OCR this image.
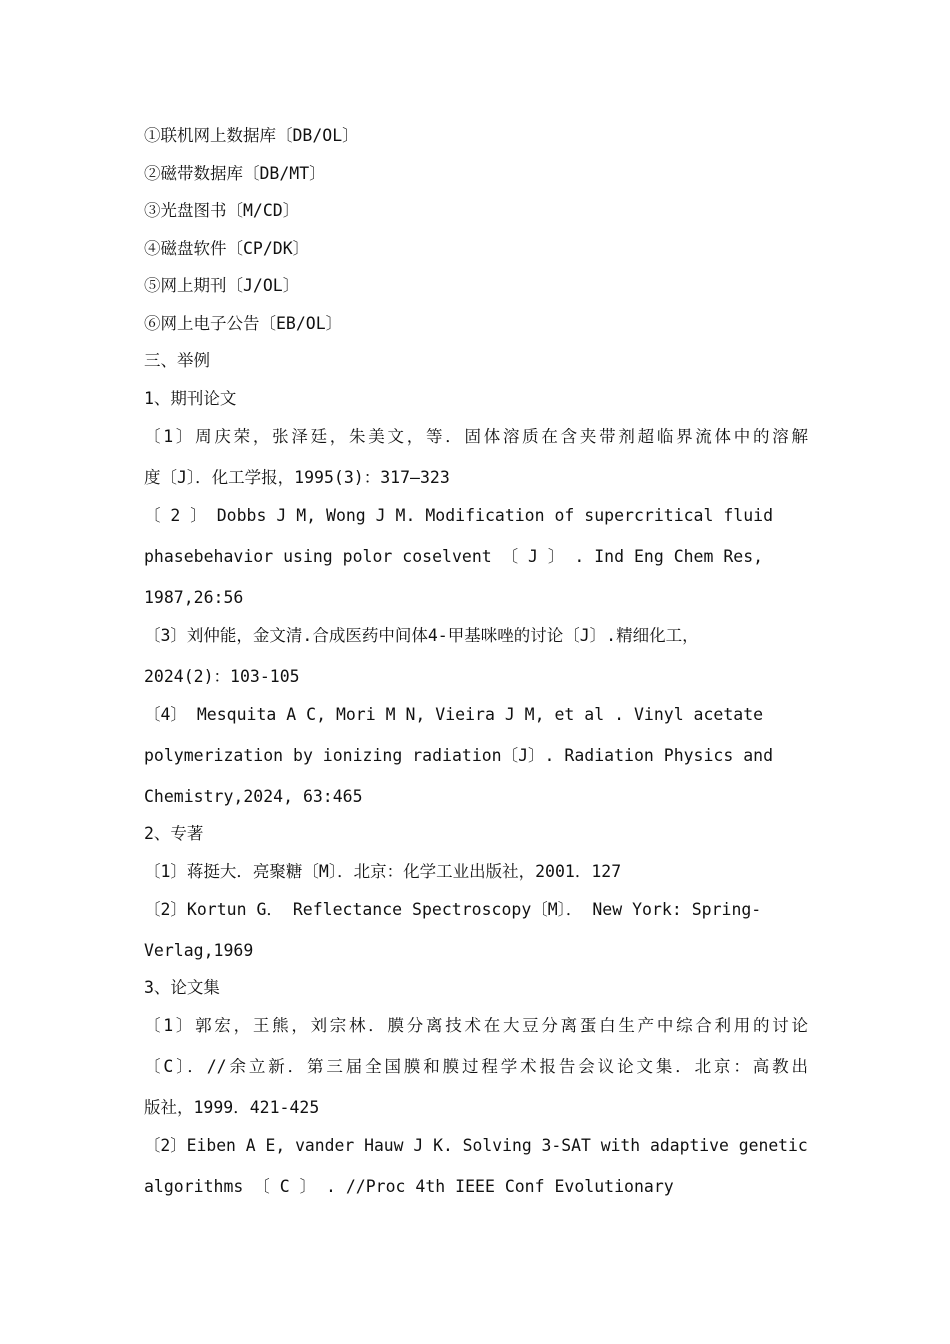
①联机网上数据库〔DB/OL〕
②磁带数据库〔DB/MT〕
③光盘图书〔M/CD〕
④磁盘软件〔CP/DK〕
⑤网上期刊〔J/OL〕
⑥网上电子公告〔EB/OL〕
三、举例
1、期刊论文
〔1〕周庆荣，张泽廷，朱美文，等．固体溶质在含夹带剂超临界流体中的溶解
度〔J〕．化工学报，1995(3)：317—323
〔 2 〕 Dobbs J M, Wong J M. Modification of supercritical fluid
phasebehavior using polor coselvent 〔 J 〕 . Ind Eng Chem Res,
1987,26:56
〔3〕刘仲能，金文清.合成医药中间体4-甲基咪唑的讨论〔J〕.精细化工，
2024(2)：103-105
〔4〕 Mesquita A C, Mori M N, Vieira J M, et al . Vinyl acetate
polymerization by ionizing radiation〔J〕. Radiation Physics and
Chemistry,2024, 63:465
2、专著
〔1〕蒋挺大．亮聚糖〔M〕．北京：化学工业出版社，2001．127
〔2〕Kortun G． Reflectance Spectroscopy〔M〕． New York: Spring-
Verlag,1969
3、论文集
〔1〕郭宏，王熊，刘宗林．膜分离技术在大豆分离蛋白生产中综合利用的讨论
〔C〕．//余立新．第三届全国膜和膜过程学术报告会议论文集．北京：高教出
版社，1999．421-425
〔2〕Eiben A E, vander Hauw J K. Solving 3-SAT with adaptive genetic
algorithms 〔 C 〕 . //Proc 4th IEEE Conf Evolutionary
